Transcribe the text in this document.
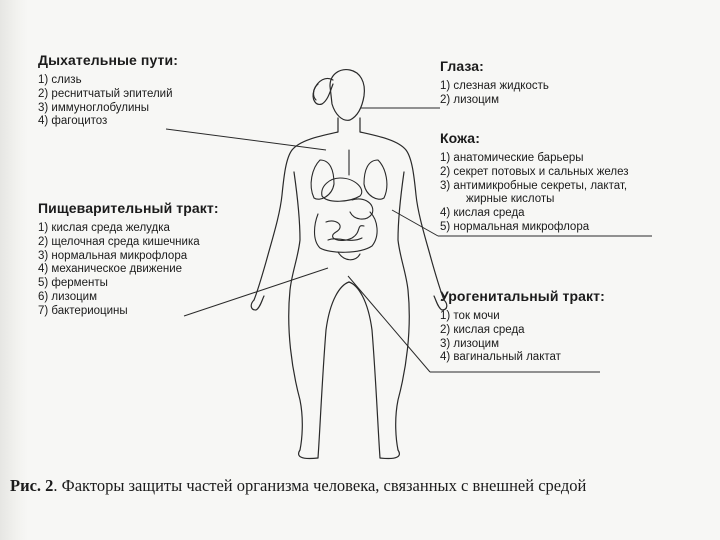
Дыхательные пути:
1) слизь
2) реснитчатый эпителий
3) иммуноглобулины
4) фагоцитоз
Пищеварительный тракт:
1) кислая среда желудка
2) щелочная среда кишечника
3) нормальная микрофлора
4) механическое движение
5) ферменты
6) лизоцим
7) бактериоцины
Глаза:
1) слезная жидкость
2) лизоцим
Кожа:
1) анатомические барьеры
2) секрет потовых и сальных желез
3) антимикробные секреты, лактат,
жирные кислоты
4) кислая среда
5) нормальная микрофлора
Урогенитальный тракт:
1) ток мочи
2) кислая среда
3) лизоцим
4) вагинальный лактат
Рис. 2. Факторы защиты частей организма человека, связанных с внешней средой
